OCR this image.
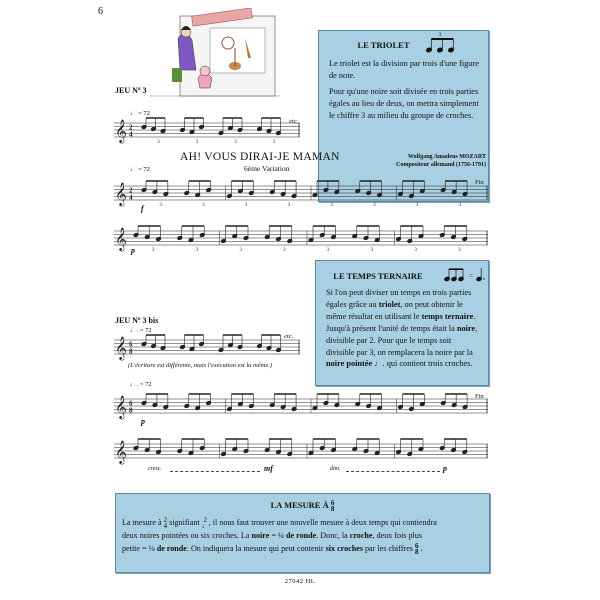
6
LE TRIOLET
3

Le triolet est la division par trois d'une figure de note.

Pour qu'une noire soit divisée en trois parties égales au lieu de deux, on mettra simplement le chiffre 3 au milieu du groupe de croches.

JEU Nº 3
♩ = 72
etc.
𝄞 2
4
3	3	3	3
AH! VOUS DIRAI-JE MAMAN
6ème Variation
Wolfgang Amadeus MOZART
Compositeur allemand (1756-1791)
♩ = 72
Fin
𝄞 2
4
3	3	3	3	3	3	3	3
f
𝄞	3	3	3	3	3	3	3	3
p
LE TEMPS TERNAIRE	=
Si l'on peut diviser un temps en trois parties égales grâce au triolet, on peut obtenir le même résultat en utilisant le temps ternaire. Jusqu'à présent l'unité de temps était la noire, divisible par 2. Pour que le temps soit divisible par 3, on remplacera la noire par la noire pointée ♩. qui contient trois croches.
JEU Nº 3 bis
♩. = 72
etc.
𝄞 6
8
(L'écriture est différente, mais l'exécution est la même.)
♩. = 72
Fin
𝄞 6
8
p
𝄞
cresc.	mf	dim.	p
LA MESURE À 6
8
La mesure à 2
4 signifiant 2
♩ , il nous faut trouver une nouvelle mesure à deux temps qui contiendra
deux noires pointées ou six croches. La noire = ¼ de ronde. Donc, la croche, deux fois plus
petite = ⅛ de ronde. On indiquera la mesure qui peut contenir six croches par les chiffres 6
8 .
27042 HL
